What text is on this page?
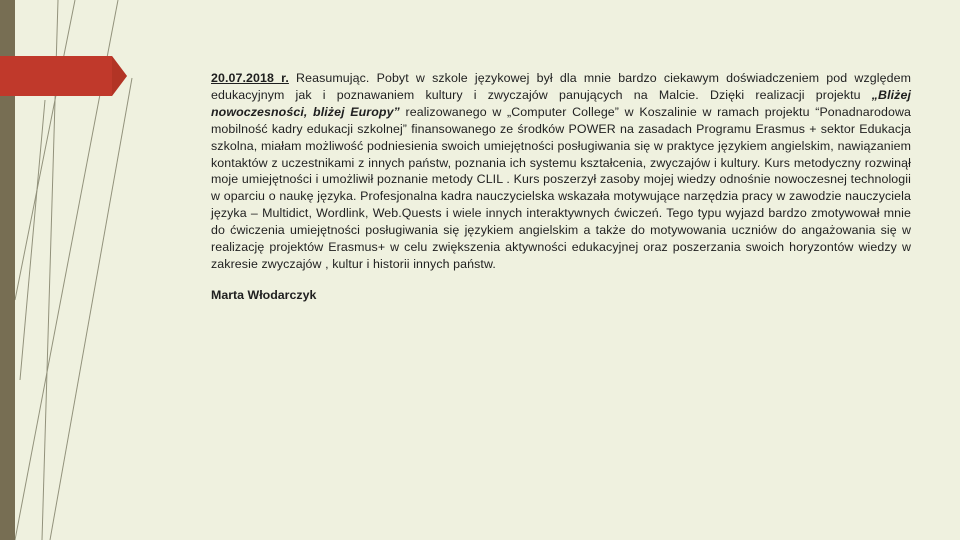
20.07.2018 r. Reasumując. Pobyt w szkole językowej był dla mnie bardzo ciekawym doświadczeniem pod względem edukacyjnym jak i poznawaniem kultury i zwyczajów panujących na Malcie. Dzięki realizacji projektu „Bliżej nowoczesności, bliżej Europy” realizowanego w „Computer College” w Koszalinie w ramach projektu “Ponadnarodowa mobilność kadry edukacji szkolnej” finansowanego ze środków POWER na zasadach Programu Erasmus + sektor Edukacja szkolna, miałam możliwość podniesienia swoich umiejętności posługiwania się w praktyce językiem angielskim, nawiązaniem kontaktów z uczestnikami z innych państw, poznania ich systemu kształcenia, zwyczajów i kultury. Kurs metodyczny rozwinął moje umiejętności i umożliwił poznanie metody CLIL . Kurs poszerzył zasoby mojej wiedzy odnośnie nowoczesnej technologii w oparciu o naukę języka. Profesjonalna kadra nauczycielska wskazała motywujące narzędzia pracy w zawodzie nauczyciela języka – Multidict, Wordlink, Web.Quests i wiele innych interaktywnych ćwiczeń. Tego typu wyjazd bardzo zmotywował mnie do ćwiczenia umiejętności posługiwania się językiem angielskim a także do motywowania uczniów do angażowania się w realizację projektów Erasmus+ w celu zwiększenia aktywności edukacyjnej oraz poszerzania swoich horyzontów wiedzy w zakresie zwyczajów , kultur i historii innych państw.

Marta Włodarczyk
